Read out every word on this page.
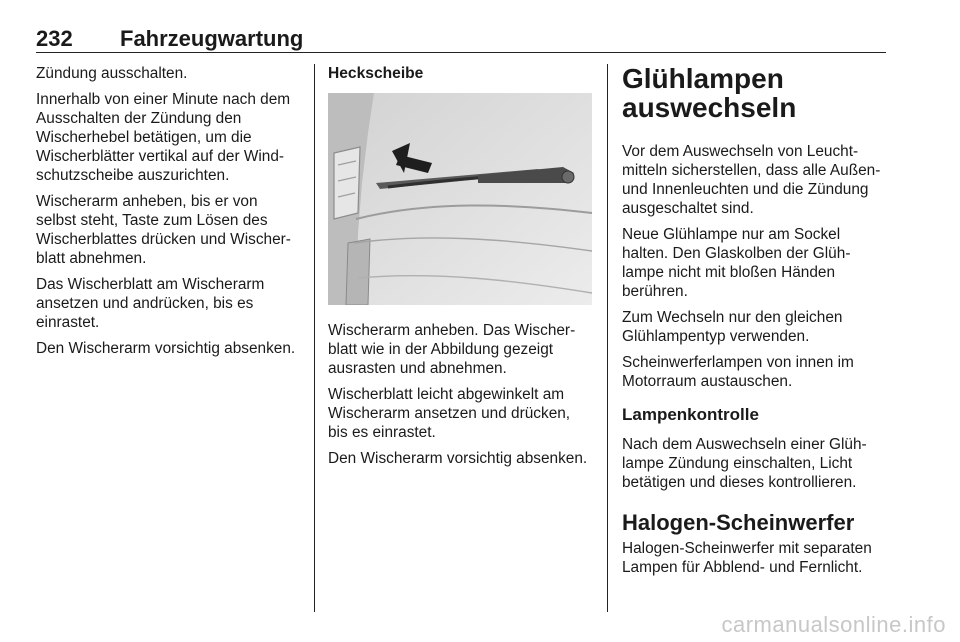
232 Fahrzeugwartung

Zündung ausschalten.

Innerhalb von einer Minute nach dem Ausschalten der Zündung den Wischerhebel betätigen, um die Wischerblätter vertikal auf der Windschutzscheibe auszurichten.

Wischerarm anheben, bis er von selbst steht, Taste zum Lösen des Wischerblattes drücken und Wischerblatt abnehmen.

Das Wischerblatt am Wischerarm ansetzen und andrücken, bis es einrastet.

Den Wischerarm vorsichtig absenken.

Heckscheibe

Wischerarm anheben. Das Wischerblatt wie in der Abbildung gezeigt ausrasten und abnehmen.

Wischerblatt leicht abgewinkelt am Wischerarm ansetzen und drücken, bis es einrastet.

Den Wischerarm vorsichtig absenken.

Glühlampen auswechseln

Vor dem Auswechseln von Leuchtmitteln sicherstellen, dass alle Außen- und Innenleuchten und die Zündung ausgeschaltet sind.

Neue Glühlampe nur am Sockel halten. Den Glaskolben der Glühlampe nicht mit bloßen Händen berühren.

Zum Wechseln nur den gleichen Glühlampentyp verwenden.

Scheinwerferlampen von innen im Motorraum austauschen.

Lampenkontrolle

Nach dem Auswechseln einer Glühlampe Zündung einschalten, Licht betätigen und dieses kontrollieren.

Halogen-Scheinwerfer

Halogen-Scheinwerfer mit separaten Lampen für Abblend- und Fernlicht.

carmanualsonline.info
